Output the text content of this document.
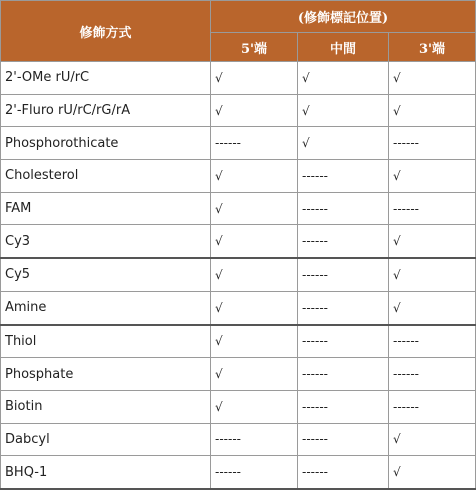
修飾方式	(修飾標記位置)		
	5'端	中間	3'端
2'-OMe rU/rC	√	√	√
2'-Fluro rU/rC/rG/rA	√	√	√
Phosphorothicate	------	√	------
Cholesterol	√	------	√
FAM	√	------	------
Cy3	√	------	√
Cy5	√	------	√
Amine	√	------	√
Thiol	√	------	------
Phosphate	√	------	------
Biotin	√	------	------
Dabcyl	------	------	√
BHQ-1	------	------	√
